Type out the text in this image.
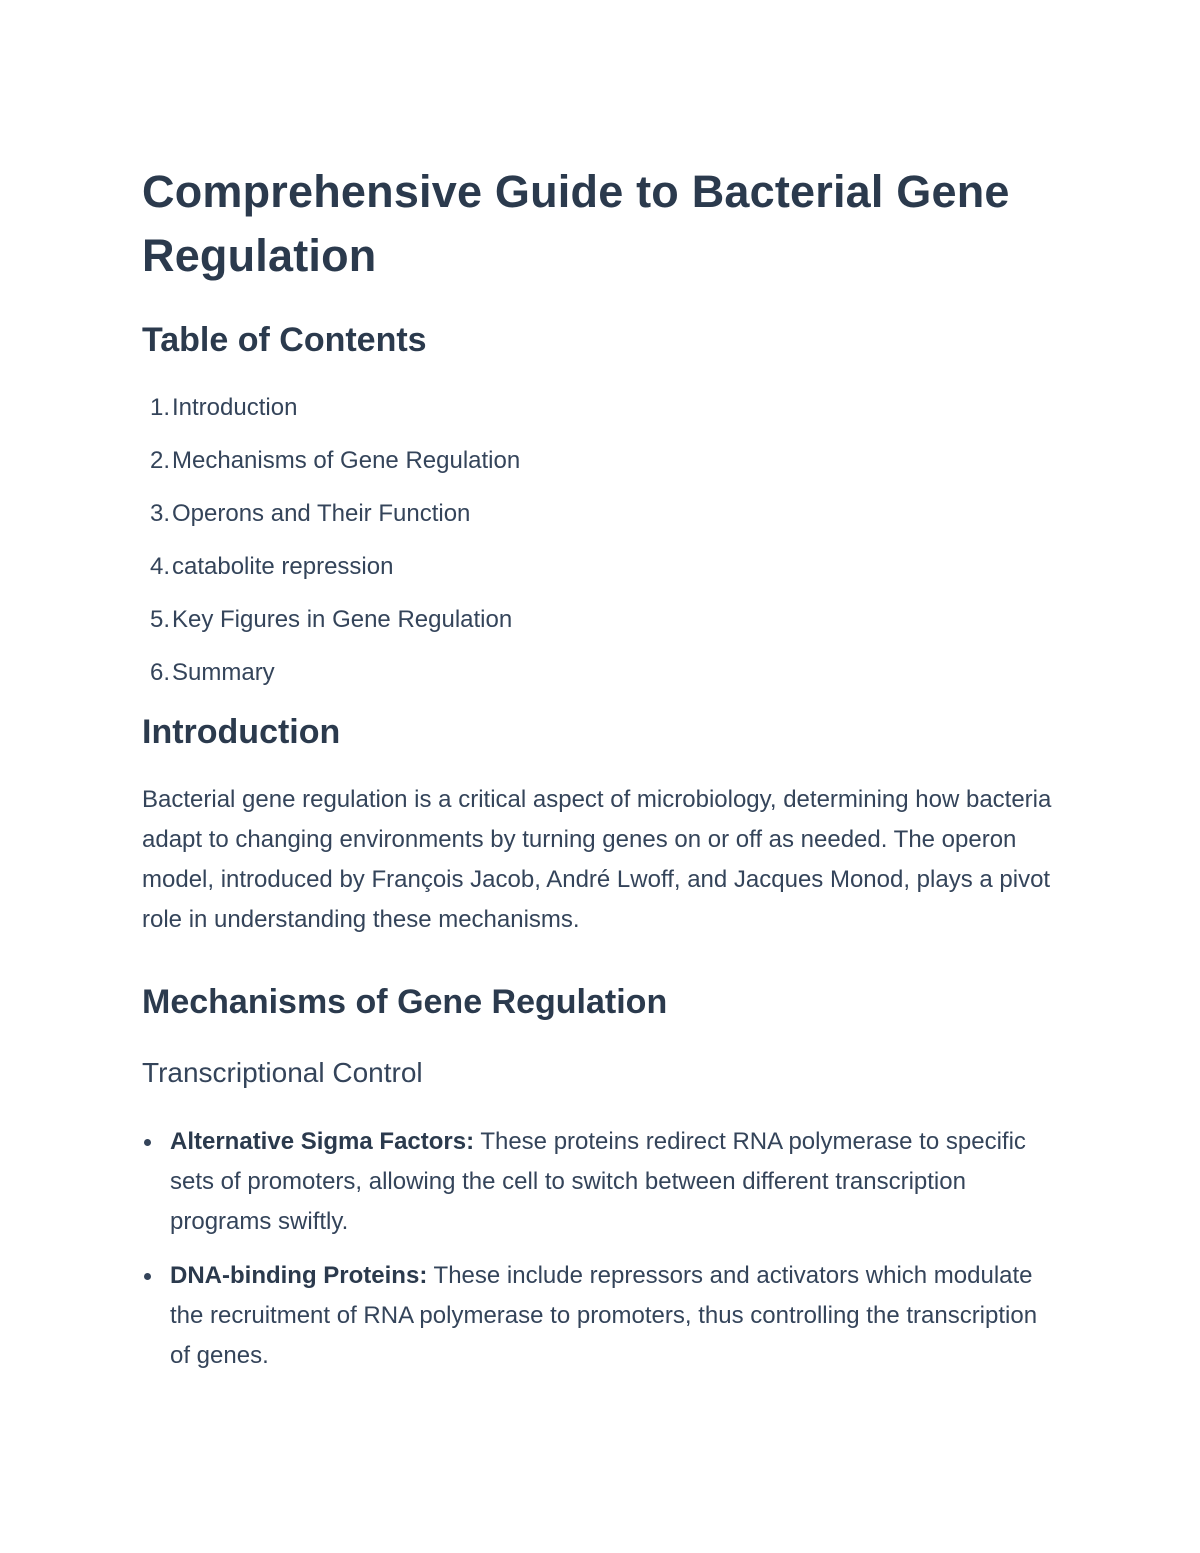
Comprehensive Guide to Bacterial Gene Regulation
Table of Contents
1. Introduction
2. Mechanisms of Gene Regulation
3. Operons and Their Function
4. catabolite repression
5. Key Figures in Gene Regulation
6. Summary
Introduction

Bacterial gene regulation is a critical aspect of microbiology, determining how bacteria adapt to changing environments by turning genes on or off as needed. The operon model, introduced by François Jacob, André Lwoff, and Jacques Monod, plays a pivot role in understanding these mechanisms.

Mechanisms of Gene Regulation
Transcriptional Control
Alternative Sigma Factors: These proteins redirect RNA polymerase to specific sets of promoters, allowing the cell to switch between different transcription programs swiftly.
DNA-binding Proteins: These include repressors and activators which modulate the recruitment of RNA polymerase to promoters, thus controlling the transcription of genes.
